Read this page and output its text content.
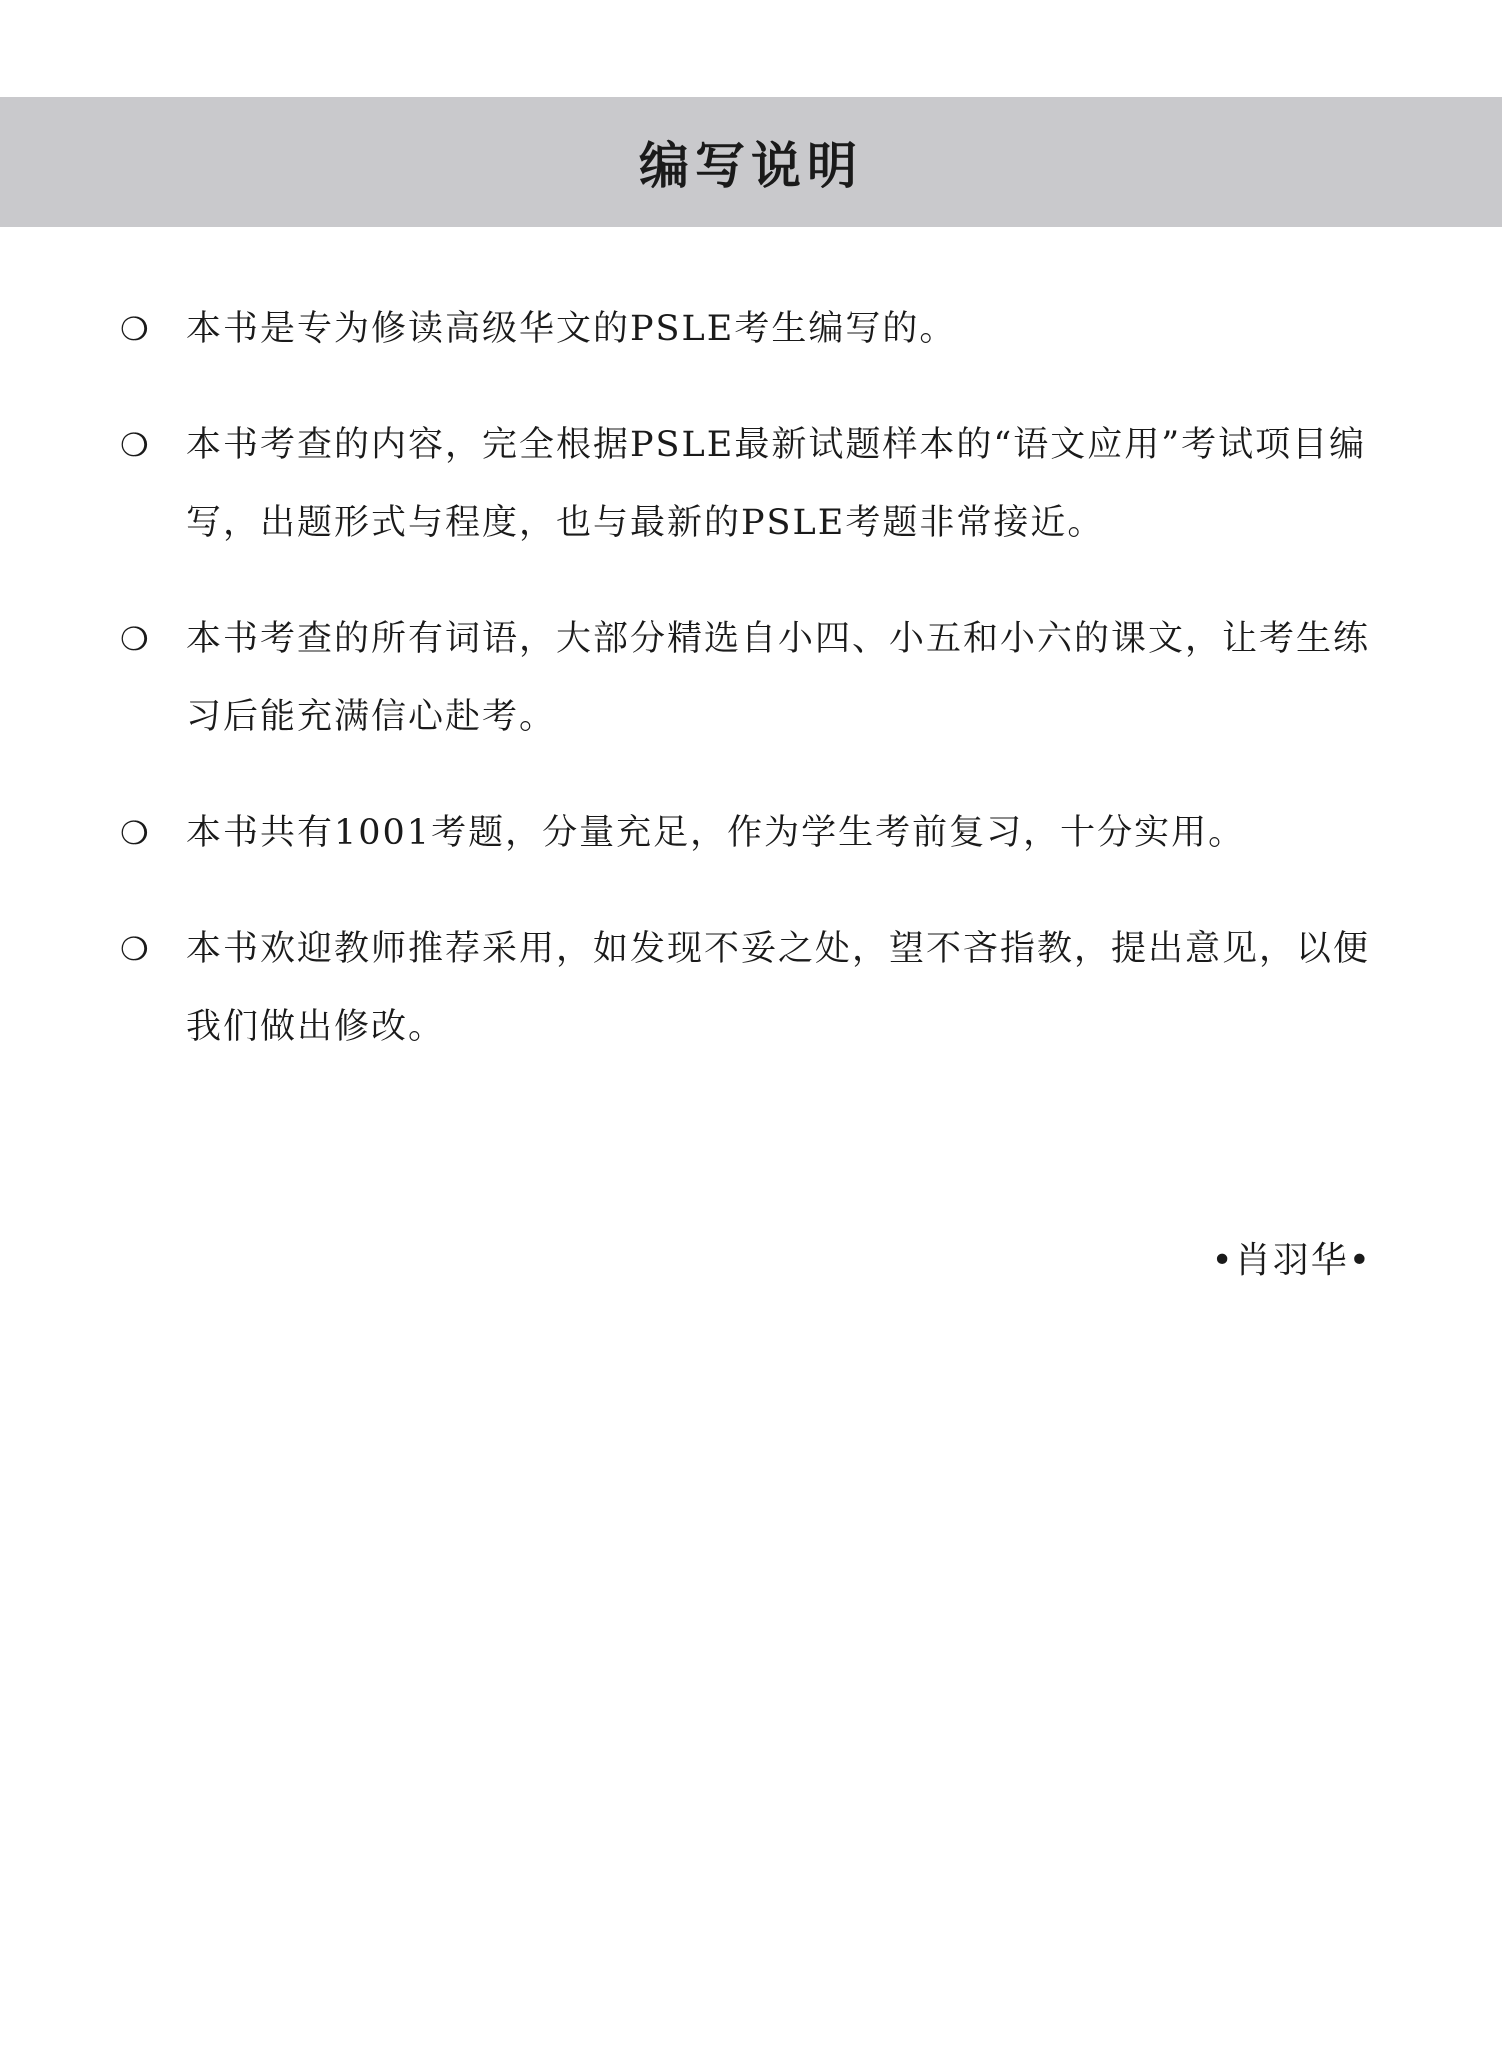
编写说明
❍ 本书是专为修读高级华文的PSLE考生编写的。
❍ 本书考查的内容，完全根据PSLE最新试题样本的“语文应用”考试项目编写，出题形式与程度，也与最新的PSLE考题非常接近。
❍ 本书考查的所有词语，大部分精选自小四、小五和小六的课文，让考生练习后能充满信心赴考。
❍ 本书共有1001考题，分量充足，作为学生考前复习，十分实用。
❍ 本书欢迎教师推荐采用，如发现不妥之处，望不吝指教，提出意见，以便我们做出修改。
•肖羽华•
